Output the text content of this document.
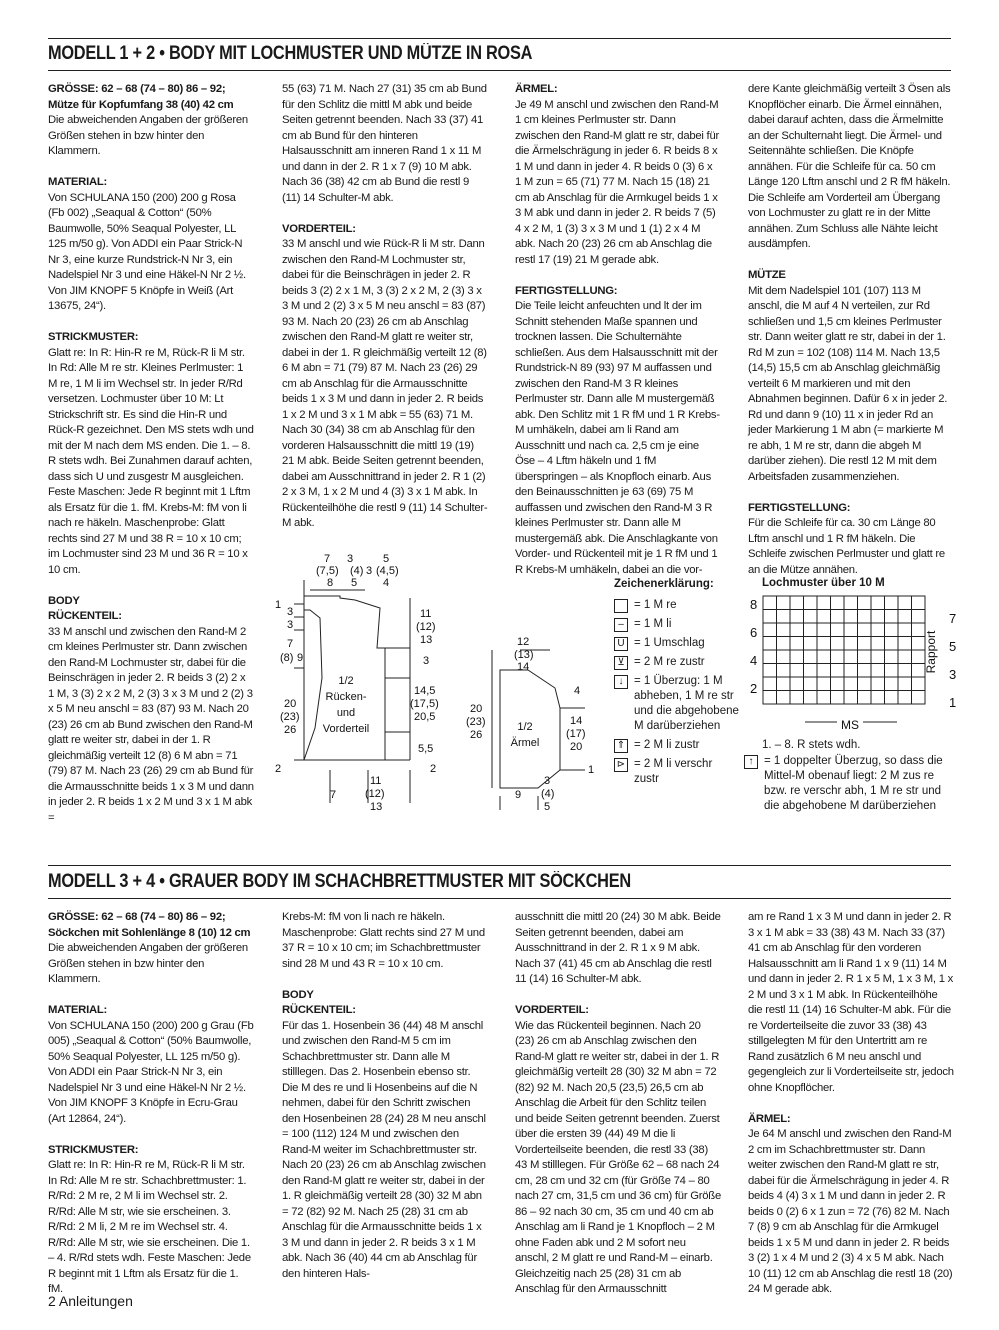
MODELL 1 + 2 • BODY MIT LOCHMUSTER UND MÜTZE IN ROSA

GRÖSSE: 62 – 68 (74 – 80) 86 – 92; Mütze für Kopfumfang 38 (40) 42 cm
Die abweichenden Angaben der größeren Größen stehen in bzw hinter den Klammern.

MATERIAL:
Von SCHULANA 150 (200) 200 g Rosa (Fb 002) „Seaqual & Cotton“ (50% Baumwolle, 50% Seaqual Polyester, LL 125 m/50 g). Von ADDI ein Paar Strick-N Nr 3, eine kurze Rundstrick-N Nr 3, ein Nadelspiel Nr 3 und eine Häkel-N Nr 2 ½. Von JIM KNOPF 5 Knöpfe in Weiß (Art 13675, 24“).

STRICKMUSTER:
Glatt re: In R: Hin-R re M, Rück-R li M str. In Rd: Alle M re str. Kleines Perlmuster: 1 M re, 1 M li im Wechsel str. In jeder R/Rd versetzen. Lochmuster über 10 M: Lt Strickschrift str. Es sind die Hin-R und Rück-R gezeichnet. Den MS stets wdh und mit der M nach dem MS enden. Die 1. – 8. R stets wdh. Bei Zunahmen darauf achten, dass sich U und zusgestr M ausgleichen. Feste Maschen: Jede R beginnt mit 1 Lftm als Ersatz für die 1. fM. Krebs-M: fM von li nach re häkeln. Maschenprobe: Glatt rechts sind 27 M und 38 R = 10 x 10 cm; im Lochmuster sind 23 M und 36 R = 10 x 10 cm.

BODY
RÜCKENTEIL:
33 M anschl und zwischen den Rand-M 2 cm kleines Perlmuster str. Dann zwischen den Rand-M Lochmuster str, dabei für die Beinschrägen in jeder 2. R beids 3 (2) 2 x 1 M, 3 (3) 2 x 2 M, 2 (3) 3 x 3 M und 2 (2) 3 x 5 M neu anschl = 83 (87) 93 M. Nach 20 (23) 26 cm ab Bund zwischen den Rand-M glatt re weiter str, dabei in der 1. R gleichmäßig verteilt 12 (8) 6 M abn = 71 (79) 87 M. Nach 23 (26) 29 cm ab Bund für die Armausschnitte beids 1 x 3 M und dann in jeder 2. R beids 1 x 2 M und 3 x 1 M abk =

55 (63) 71 M. Nach 27 (31) 35 cm ab Bund für den Schlitz die mittl M abk und beide Seiten getrennt beenden. Nach 33 (37) 41 cm ab Bund für den hinteren Halsausschnitt am inneren Rand 1 x 11 M und dann in der 2. R 1 x 7 (9) 10 M abk. Nach 36 (38) 42 cm ab Bund die restl 9 (11) 14 Schulter-M abk.

VORDERTEIL:
33 M anschl und wie Rück-R li M str. Dann zwischen den Rand-M Lochmuster str, dabei für die Beinschrägen in jeder 2. R beids 3 (2) 2 x 1 M, 3 (3) 2 x 2 M, 2 (3) 3 x 3 M und 2 (2) 3 x 5 M neu anschl = 83 (87) 93 M. Nach 20 (23) 26 cm ab Anschlag zwischen den Rand-M glatt re weiter str, dabei in der 1. R gleichmäßig verteilt 12 (8) 6 M abn = 71 (79) 87 M. Nach 23 (26) 29 cm ab Anschlag für die Armausschnitte beids 1 x 3 M und dann in jeder 2. R beids 1 x 2 M und 3 x 1 M abk = 55 (63) 71 M. Nach 30 (34) 38 cm ab Anschlag für den vorderen Halsausschnitt die mittl 19 (19) 21 M abk. Beide Seiten getrennt beenden, dabei am Ausschnittrand in jeder 2. R 1 (2) 2 x 3 M, 1 x 2 M und 4 (3) 3 x 1 M abk. In Rückenteilhöhe die restl 9 (11) 14 Schulter-M abk.

ÄRMEL:
Je 49 M anschl und zwischen den Rand-M 1 cm kleines Perlmuster str. Dann zwischen den Rand-M glatt re str, dabei für die Ärmelschrägung in jeder 6. R beids 8 x 1 M und dann in jeder 4. R beids 0 (3) 6 x 1 M zun = 65 (71) 77 M. Nach 15 (18) 21 cm ab Anschlag für die Armkugel beids 1 x 3 M abk und dann in jeder 2. R beids 7 (5) 4 x 2 M, 1 (3) 3 x 3 M und 1 (1) 2 x 4 M abk. Nach 20 (23) 26 cm ab Anschlag die restl 17 (19) 21 M gerade abk.

FERTIGSTELLUNG:
Die Teile leicht anfeuchten und lt der im Schnitt stehenden Maße spannen und trocknen lassen. Die Schulternähte schließen. Aus dem Halsausschnitt mit der Rundstrick-N 89 (93) 97 M auffassen und zwischen den Rand-M 3 R kleines Perlmuster str. Dann alle M mustergemäß abk. Den Schlitz mit 1 R fM und 1 R Krebs-M umhäkeln, dabei am li Rand am Ausschnitt und nach ca. 2,5 cm je eine Öse – 4 Lftm häkeln und 1 fM überspringen – als Knopfloch einarb. Aus den Beinausschnitten je 63 (69) 75 M auffassen und zwischen den Rand-M 3 R kleines Perlmuster str. Dann alle M mustergemäß abk. Die Anschlagkante von Vorder- und Rückenteil mit je 1 R fM und 1 R Krebs-M umhäkeln, dabei an die vor-

dere Kante gleichmäßig verteilt 3 Ösen als Knopflöcher einarb. Die Ärmel einnähen, dabei darauf achten, dass die Ärmelmitte an der Schulternaht liegt. Die Ärmel- und Seitennähte schließen. Die Knöpfe annähen. Für die Schleife für ca. 50 cm Länge 120 Lftm anschl und 2 R fM häkeln. Die Schleife am Vorderteil am Übergang von Lochmuster zu glatt re in der Mitte annähen. Zum Schluss alle Nähte leicht ausdämpfen.

MÜTZE
Mit dem Nadelspiel 101 (107) 113 M anschl, die M auf 4 N verteilen, zur Rd schließen und 1,5 cm kleines Perlmuster str. Dann weiter glatt re str, dabei in der 1. Rd M zun = 102 (108) 114 M. Nach 13,5 (14,5) 15,5 cm ab Anschlag gleichmäßig verteilt 6 M markieren und mit den Abnahmen beginnen. Dafür 6 x in jeder 2. Rd und dann 9 (10) 11 x in jeder Rd an jeder Markierung 1 M abn (= markierte M re abh, 1 M re str, dann die abgeh M darüber ziehen). Die restl 12 M mit dem Arbeitsfaden zusammenziehen.

FERTIGSTELLUNG:
Für die Schleife für ca. 30 cm Länge 80 Lftm anschl und 1 R fM häkeln. Die Schleife zwischen Perlmuster und glatt re an die Mütze annähen.

7 3	5
(7,5) (4) 3 (4,5)
8 5 4
1
3
3
7
(8) 9
20
(23)
26
2
1/2
Rücken-
und
Vorderteil
11
(12)
13
3
14,5
(17,5)
20,5
5,5
2
7
11
(12)
13
12
(13)
14
20
(23)
26
1/2
Ärmel
4
14
(17)
20
1
9
3
(4)
5
Zeichenerklärung:
= 1 M re
– = 1 M li
U = 1 Umschlag
⊻ = 2 M re zustr
↓ = 1 Überzug: 1 M abheben, 1 M re str und die abgehobene M darüberziehen
⇑ = 2 M li zustr
⊳ = 2 M li verschr zustr
Lochmuster über 10 M
8
6
4
2
7
5
3
1
Rapport
MS
1. – 8. R stets wdh.
↑ = 1 doppelter Überzug, so dass die Mittel-M obenauf liegt: 2 M zus re bzw. re verschr abh, 1 M re str und die abgehobene M darüberziehen
MODELL 3 + 4 • GRAUER BODY IM SCHACHBRETTMUSTER MIT SÖCKCHEN

GRÖSSE: 62 – 68 (74 – 80) 86 – 92; Söckchen mit Sohlenlänge 8 (10) 12 cm
Die abweichenden Angaben der größeren Größen stehen in bzw hinter den Klammern.

MATERIAL:
Von SCHULANA 150 (200) 200 g Grau (Fb 005) „Seaqual & Cotton“ (50% Baumwolle, 50% Seaqual Polyester, LL 125 m/50 g). Von ADDI ein Paar Strick-N Nr 3, ein Nadelspiel Nr 3 und eine Häkel-N Nr 2 ½. Von JIM KNOPF 3 Knöpfe in Ecru-Grau (Art 12864, 24“).

STRICKMUSTER:
Glatt re: In R: Hin-R re M, Rück-R li M str. In Rd: Alle M re str. Schachbrettmuster: 1. R/Rd: 2 M re, 2 M li im Wechsel str. 2. R/Rd: Alle M str, wie sie erscheinen. 3. R/Rd: 2 M li, 2 M re im Wechsel str. 4. R/Rd: Alle M str, wie sie erscheinen. Die 1. – 4. R/Rd stets wdh. Feste Maschen: Jede R beginnt mit 1 Lftm als Ersatz für die 1. fM.

Krebs-M: fM von li nach re häkeln. Maschenprobe: Glatt rechts sind 27 M und 37 R = 10 x 10 cm; im Schachbrettmuster sind 28 M und 43 R = 10 x 10 cm.

BODY
RÜCKENTEIL:
Für das 1. Hosenbein 36 (44) 48 M anschl und zwischen den Rand-M 5 cm im Schachbrettmuster str. Dann alle M stilllegen. Das 2. Hosenbein ebenso str. Die M des re und li Hosenbeins auf die N nehmen, dabei für den Schritt zwischen den Hosenbeinen 28 (24) 28 M neu anschl = 100 (112) 124 M und zwischen den Rand-M weiter im Schachbrettmuster str. Nach 20 (23) 26 cm ab Anschlag zwischen den Rand-M glatt re weiter str, dabei in der 1. R gleichmäßig verteilt 28 (30) 32 M abn = 72 (82) 92 M. Nach 25 (28) 31 cm ab Anschlag für die Armausschnitte beids 1 x 3 M und dann in jeder 2. R beids 3 x 1 M abk. Nach 36 (40) 44 cm ab Anschlag für den hinteren Hals-

ausschnitt die mittl 20 (24) 30 M abk. Beide Seiten getrennt beenden, dabei am Ausschnittrand in der 2. R 1 x 9 M abk. Nach 37 (41) 45 cm ab Anschlag die restl 11 (14) 16 Schulter-M abk.

VORDERTEIL:
Wie das Rückenteil beginnen. Nach 20 (23) 26 cm ab Anschlag zwischen den Rand-M glatt re weiter str, dabei in der 1. R gleichmäßig verteilt 28 (30) 32 M abn = 72 (82) 92 M. Nach 20,5 (23,5) 26,5 cm ab Anschlag die Arbeit für den Schlitz teilen und beide Seiten getrennt beenden. Zuerst über die ersten 39 (44) 49 M die li Vorderteilseite beenden, die restl 33 (38) 43 M stilllegen. Für Größe 62 – 68 nach 24 cm, 28 cm und 32 cm (für Größe 74 – 80 nach 27 cm, 31,5 cm und 36 cm) für Größe 86 – 92 nach 30 cm, 35 cm und 40 cm ab Anschlag am li Rand je 1 Knopfloch – 2 M ohne Faden abk und 2 M sofort neu anschl, 2 M glatt re und Rand-M – einarb. Gleichzeitig nach 25 (28) 31 cm ab Anschlag für den Armausschnitt

am re Rand 1 x 3 M und dann in jeder 2. R 3 x 1 M abk = 33 (38) 43 M. Nach 33 (37) 41 cm ab Anschlag für den vorderen Halsausschnitt am li Rand 1 x 9 (11) 14 M und dann in jeder 2. R 1 x 5 M, 1 x 3 M, 1 x 2 M und 3 x 1 M abk. In Rückenteilhöhe die restl 11 (14) 16 Schulter-M abk. Für die re Vorderteilseite die zuvor 33 (38) 43 stillgelegten M für den Untertritt am re Rand zusätzlich 6 M neu anschl und gegengleich zur li Vorderteilseite str, jedoch ohne Knopflöcher.

ÄRMEL:
Je 64 M anschl und zwischen den Rand-M 2 cm im Schachbrettmuster str. Dann weiter zwischen den Rand-M glatt re str, dabei für die Ärmelschrägung in jeder 4. R beids 4 (4) 3 x 1 M und dann in jeder 2. R beids 0 (2) 6 x 1 zun = 72 (76) 82 M. Nach 7 (8) 9 cm ab Anschlag für die Armkugel beids 1 x 5 M und dann in jeder 2. R beids 3 (2) 1 x 4 M und 2 (3) 4 x 5 M abk. Nach 10 (11) 12 cm ab Anschlag die restl 18 (20) 24 M gerade abk.

2 Anleitungen
